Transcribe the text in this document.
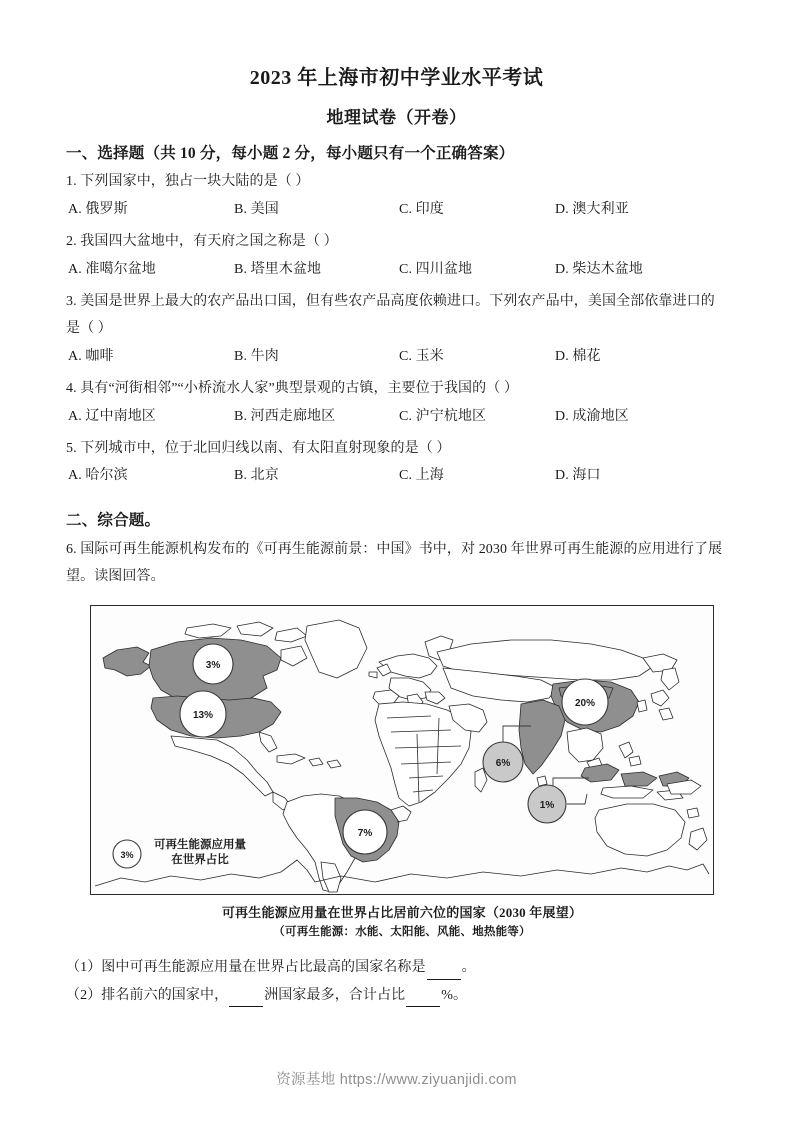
2023 年上海市初中学业水平考试
地理试卷（开卷）

一、选择题（共 10 分，每小题 2 分，每小题只有一个正确答案）

1. 下列国家中，独占一块大陆的是（ ）

A. 俄罗斯	B. 美国	C. 印度	D. 澳大利亚

2. 我国四大盆地中，有天府之国之称是（ ）

A. 准噶尔盆地	B. 塔里木盆地	C. 四川盆地	D. 柴达木盆地

3. 美国是世界上最大的农产品出口国，但有些农产品高度依赖进口。下列农产品中，美国全部依靠进口的

是（ ）

A. 咖啡	B. 牛肉	C. 玉米	D. 棉花

4. 具有“河街相邻”“小桥流水人家”典型景观的古镇，主要位于我国的（ ）

A. 辽中南地区	B. 河西走廊地区	C. 沪宁杭地区	D. 成渝地区

5. 下列城市中，位于北回归线以南、有太阳直射现象的是（ ）

A. 哈尔滨	B. 北京	C. 上海	D. 海口

二、综合题。

6. 国际可再生能源机构发布的《可再生能源前景：中国》书中，对 2030 年世界可再生能源的应用进行了展

望。读图回答。

3%
13%
7%
20%
6%
1%
3%
可再生能源应用量
在世界占比
可再生能源应用量在世界占比居前六位的国家（2030 年展望）
（可再生能源：水能、太阳能、风能、地热能等）

（1）图中可再生能源应用量在世界占比最高的国家名称是	。

（2）排名前六的国家中，	洲国家最多，合计占比	%。

资源基地 https://www.ziyuanjidi.com
